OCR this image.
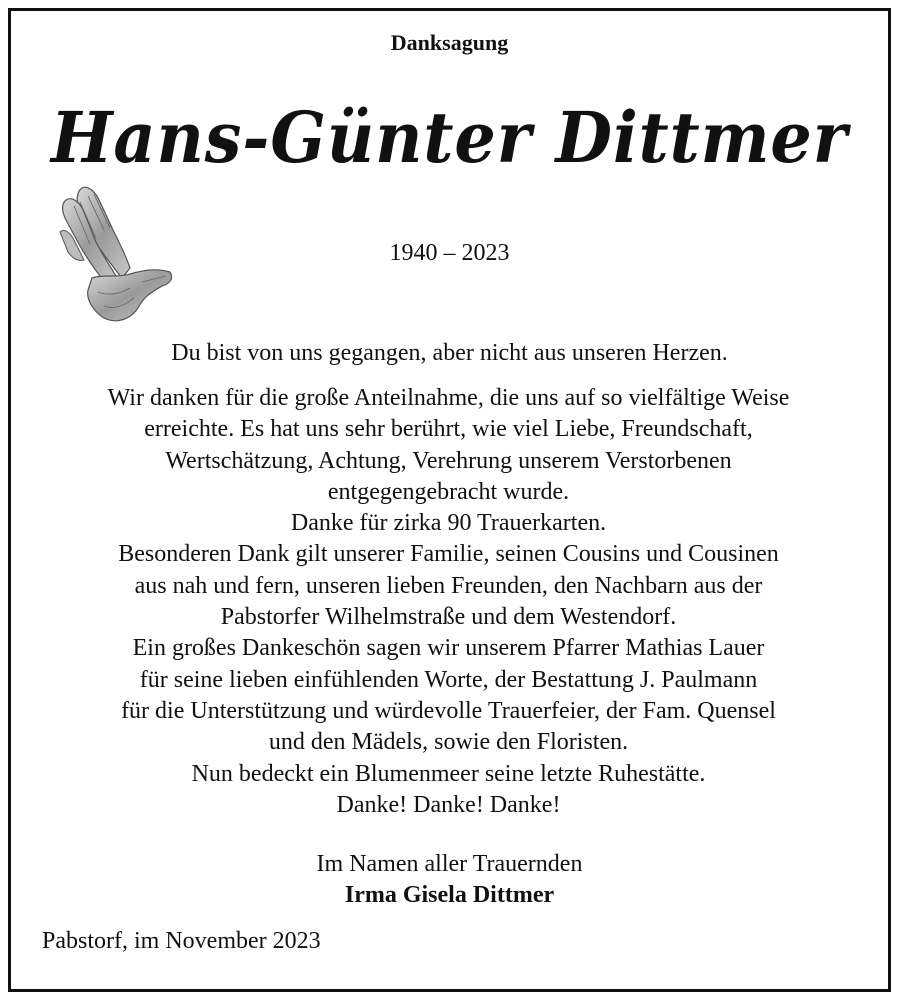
Danksagung
Hans-Günter Dittmer
1940 – 2023
Du bist von uns gegangen, aber nicht aus unseren Herzen.
Wir danken für die große Anteilnahme, die uns auf so vielfältige Weise
erreichte. Es hat uns sehr berührt, wie viel Liebe, Freundschaft,
Wertschätzung, Achtung, Verehrung unserem Verstorbenen
entgegengebracht wurde.
Danke für zirka 90 Trauerkarten.
Besonderen Dank gilt unserer Familie, seinen Cousins und Cousinen
aus nah und fern, unseren lieben Freunden, den Nachbarn aus der
Pabstorfer Wilhelmstraße und dem Westendorf.
Ein großes Dankeschön sagen wir unserem Pfarrer Mathias Lauer
für seine lieben einfühlenden Worte, der Bestattung J. Paulmann
für die Unterstützung und würdevolle Trauerfeier, der Fam. Quensel
und den Mädels, sowie den Floristen.
Nun bedeckt ein Blumenmeer seine letzte Ruhestätte.
Danke! Danke! Danke!
Im Namen aller Trauernden
Irma Gisela Dittmer
Pabstorf, im November 2023
